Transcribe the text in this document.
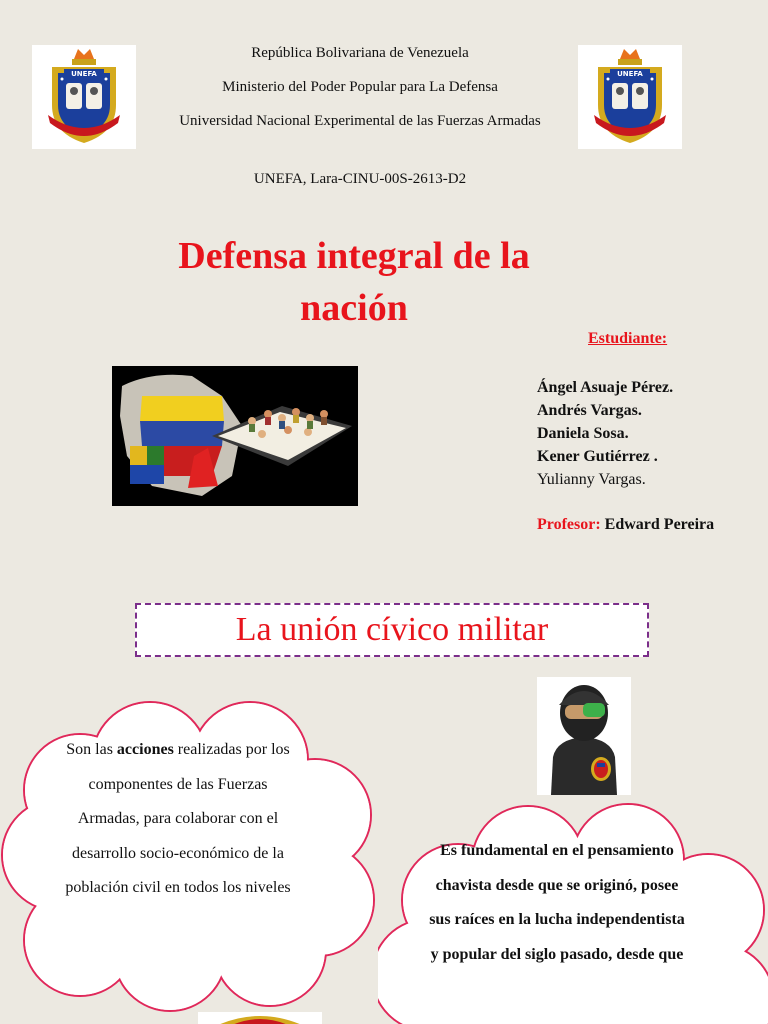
UNEFA	UNEFA
República Bolivariana de Venezuela
Ministerio del Poder Popular para La Defensa
Universidad Nacional Experimental de las Fuerzas Armadas
UNEFA, Lara-CINU-00S-2613-D2
Defensa integral de la nación
Estudiante:
Ángel Asuaje Pérez.
Andrés Vargas.
Daniela Sosa.
Kener Gutiérrez .
Yulianny Vargas.
Profesor: Edward Pereira
La unión cívico militar
Son las acciones realizadas por los componentes de las Fuerzas Armadas, para colaborar con el desarrollo socio-económico de la población civil en todos los niveles
Es fundamental en el pensamiento chavista desde que se originó, posee sus raíces en la lucha independentista y popular del siglo pasado, desde que
